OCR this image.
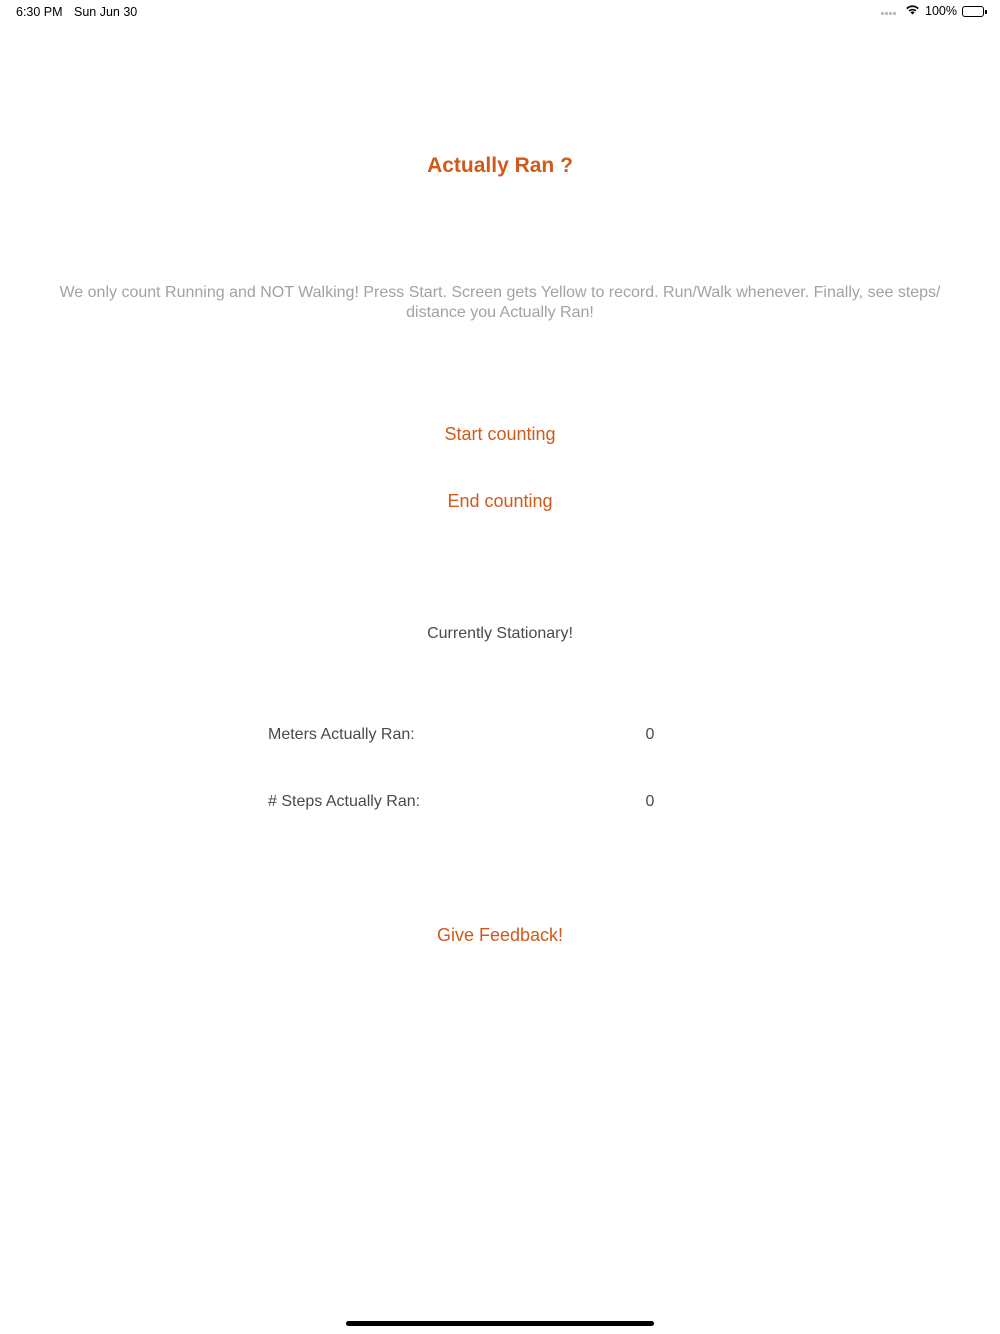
6:30 PM Sun Jun 30	100%
Actually Ran ?
We only count Running and NOT Walking! Press Start. Screen gets Yellow to record. Run/Walk whenever. Finally, see steps/ distance you Actually Ran!
Start counting
End counting
Currently Stationary!
Meters Actually Ran:	0
# Steps Actually Ran:	0
Give Feedback!
